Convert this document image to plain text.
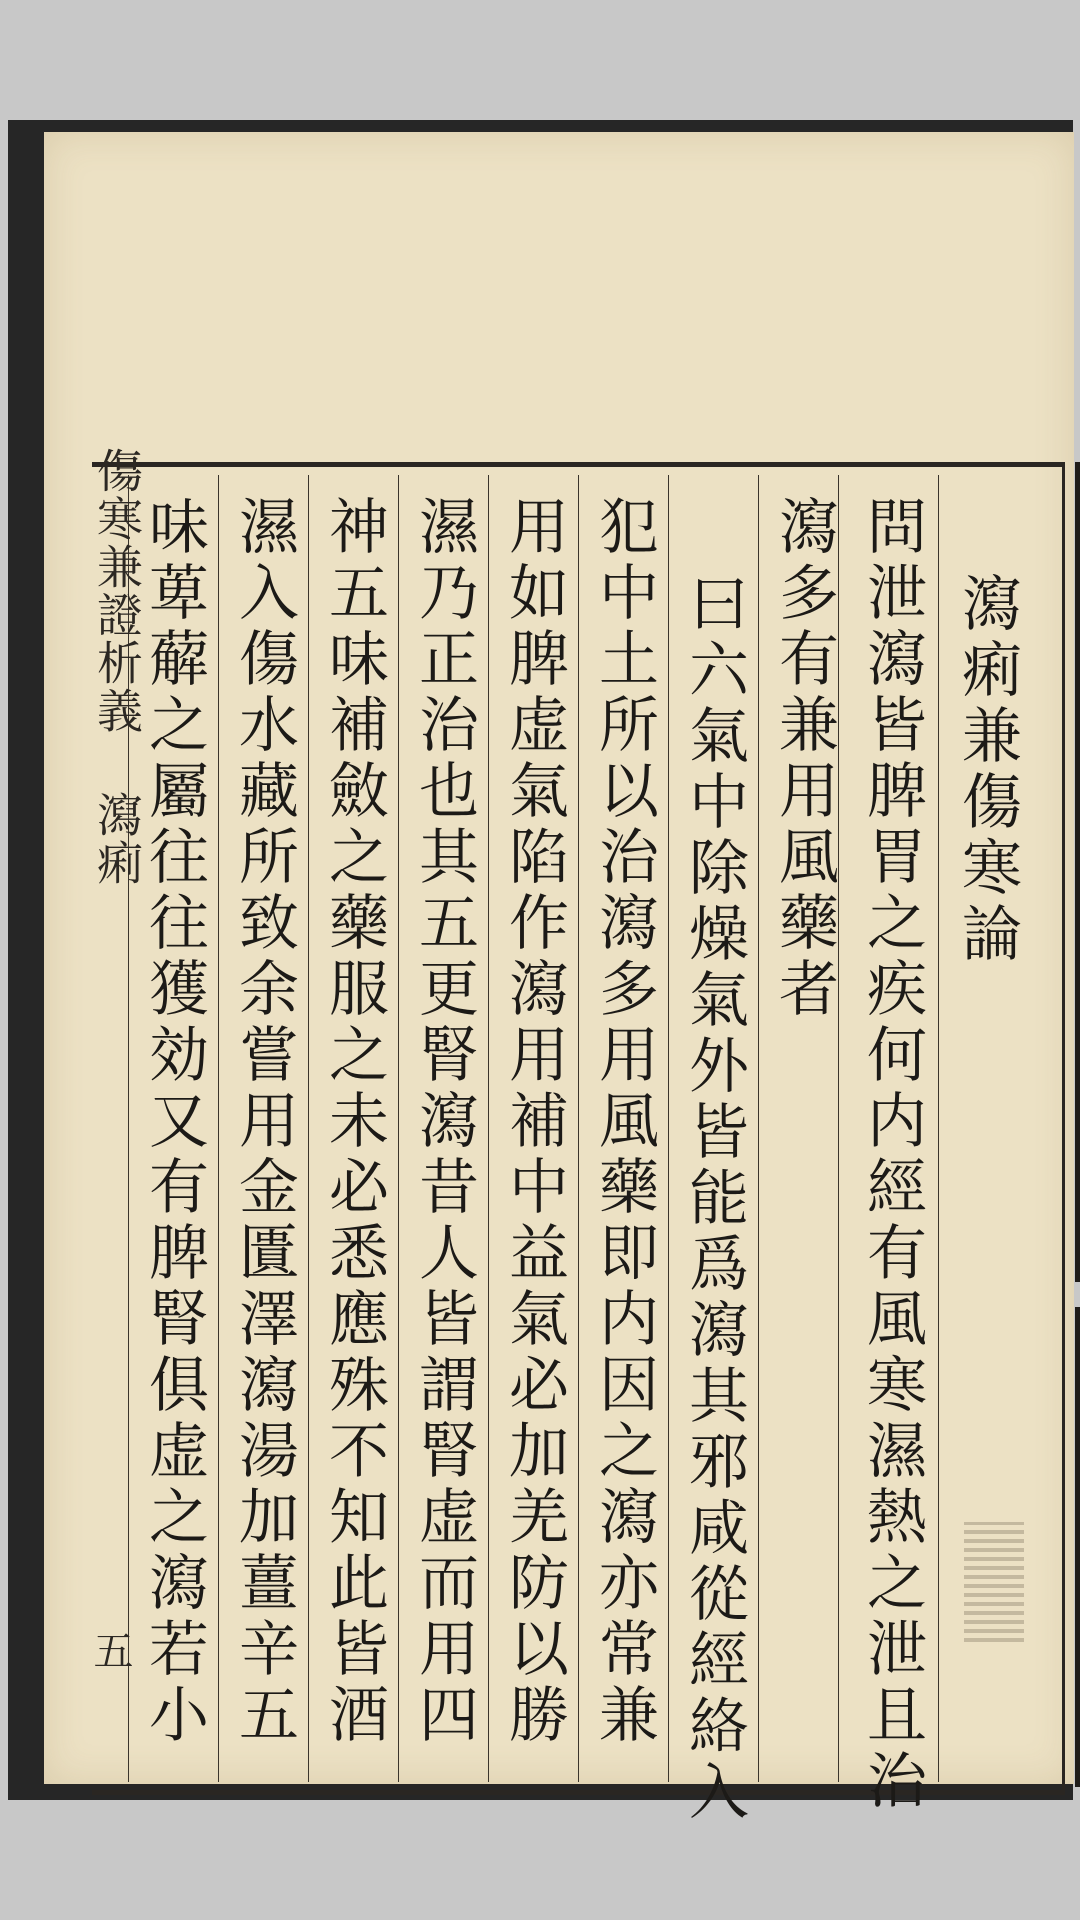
傷寒兼證析義 瀉痢
五
瀉痢兼傷寒論
問泄瀉皆脾胃之疾何内經有風寒濕熱之泄且治
瀉多有兼用風藥者
曰六氣中除燥氣外皆能爲瀉其邪咸從經絡入
犯中土所以治瀉多用風藥即内因之瀉亦常兼
用如脾虚氣陷作瀉用補中益氣必加羌防以勝
濕乃正治也其五更腎瀉昔人皆謂腎虚而用四
神五味補斂之藥服之未必悉應殊不知此皆酒
濕入傷水藏所致余嘗用金匱澤瀉湯加薑辛五
味萆薢之屬往往獲効又有脾腎俱虚之瀉若小
